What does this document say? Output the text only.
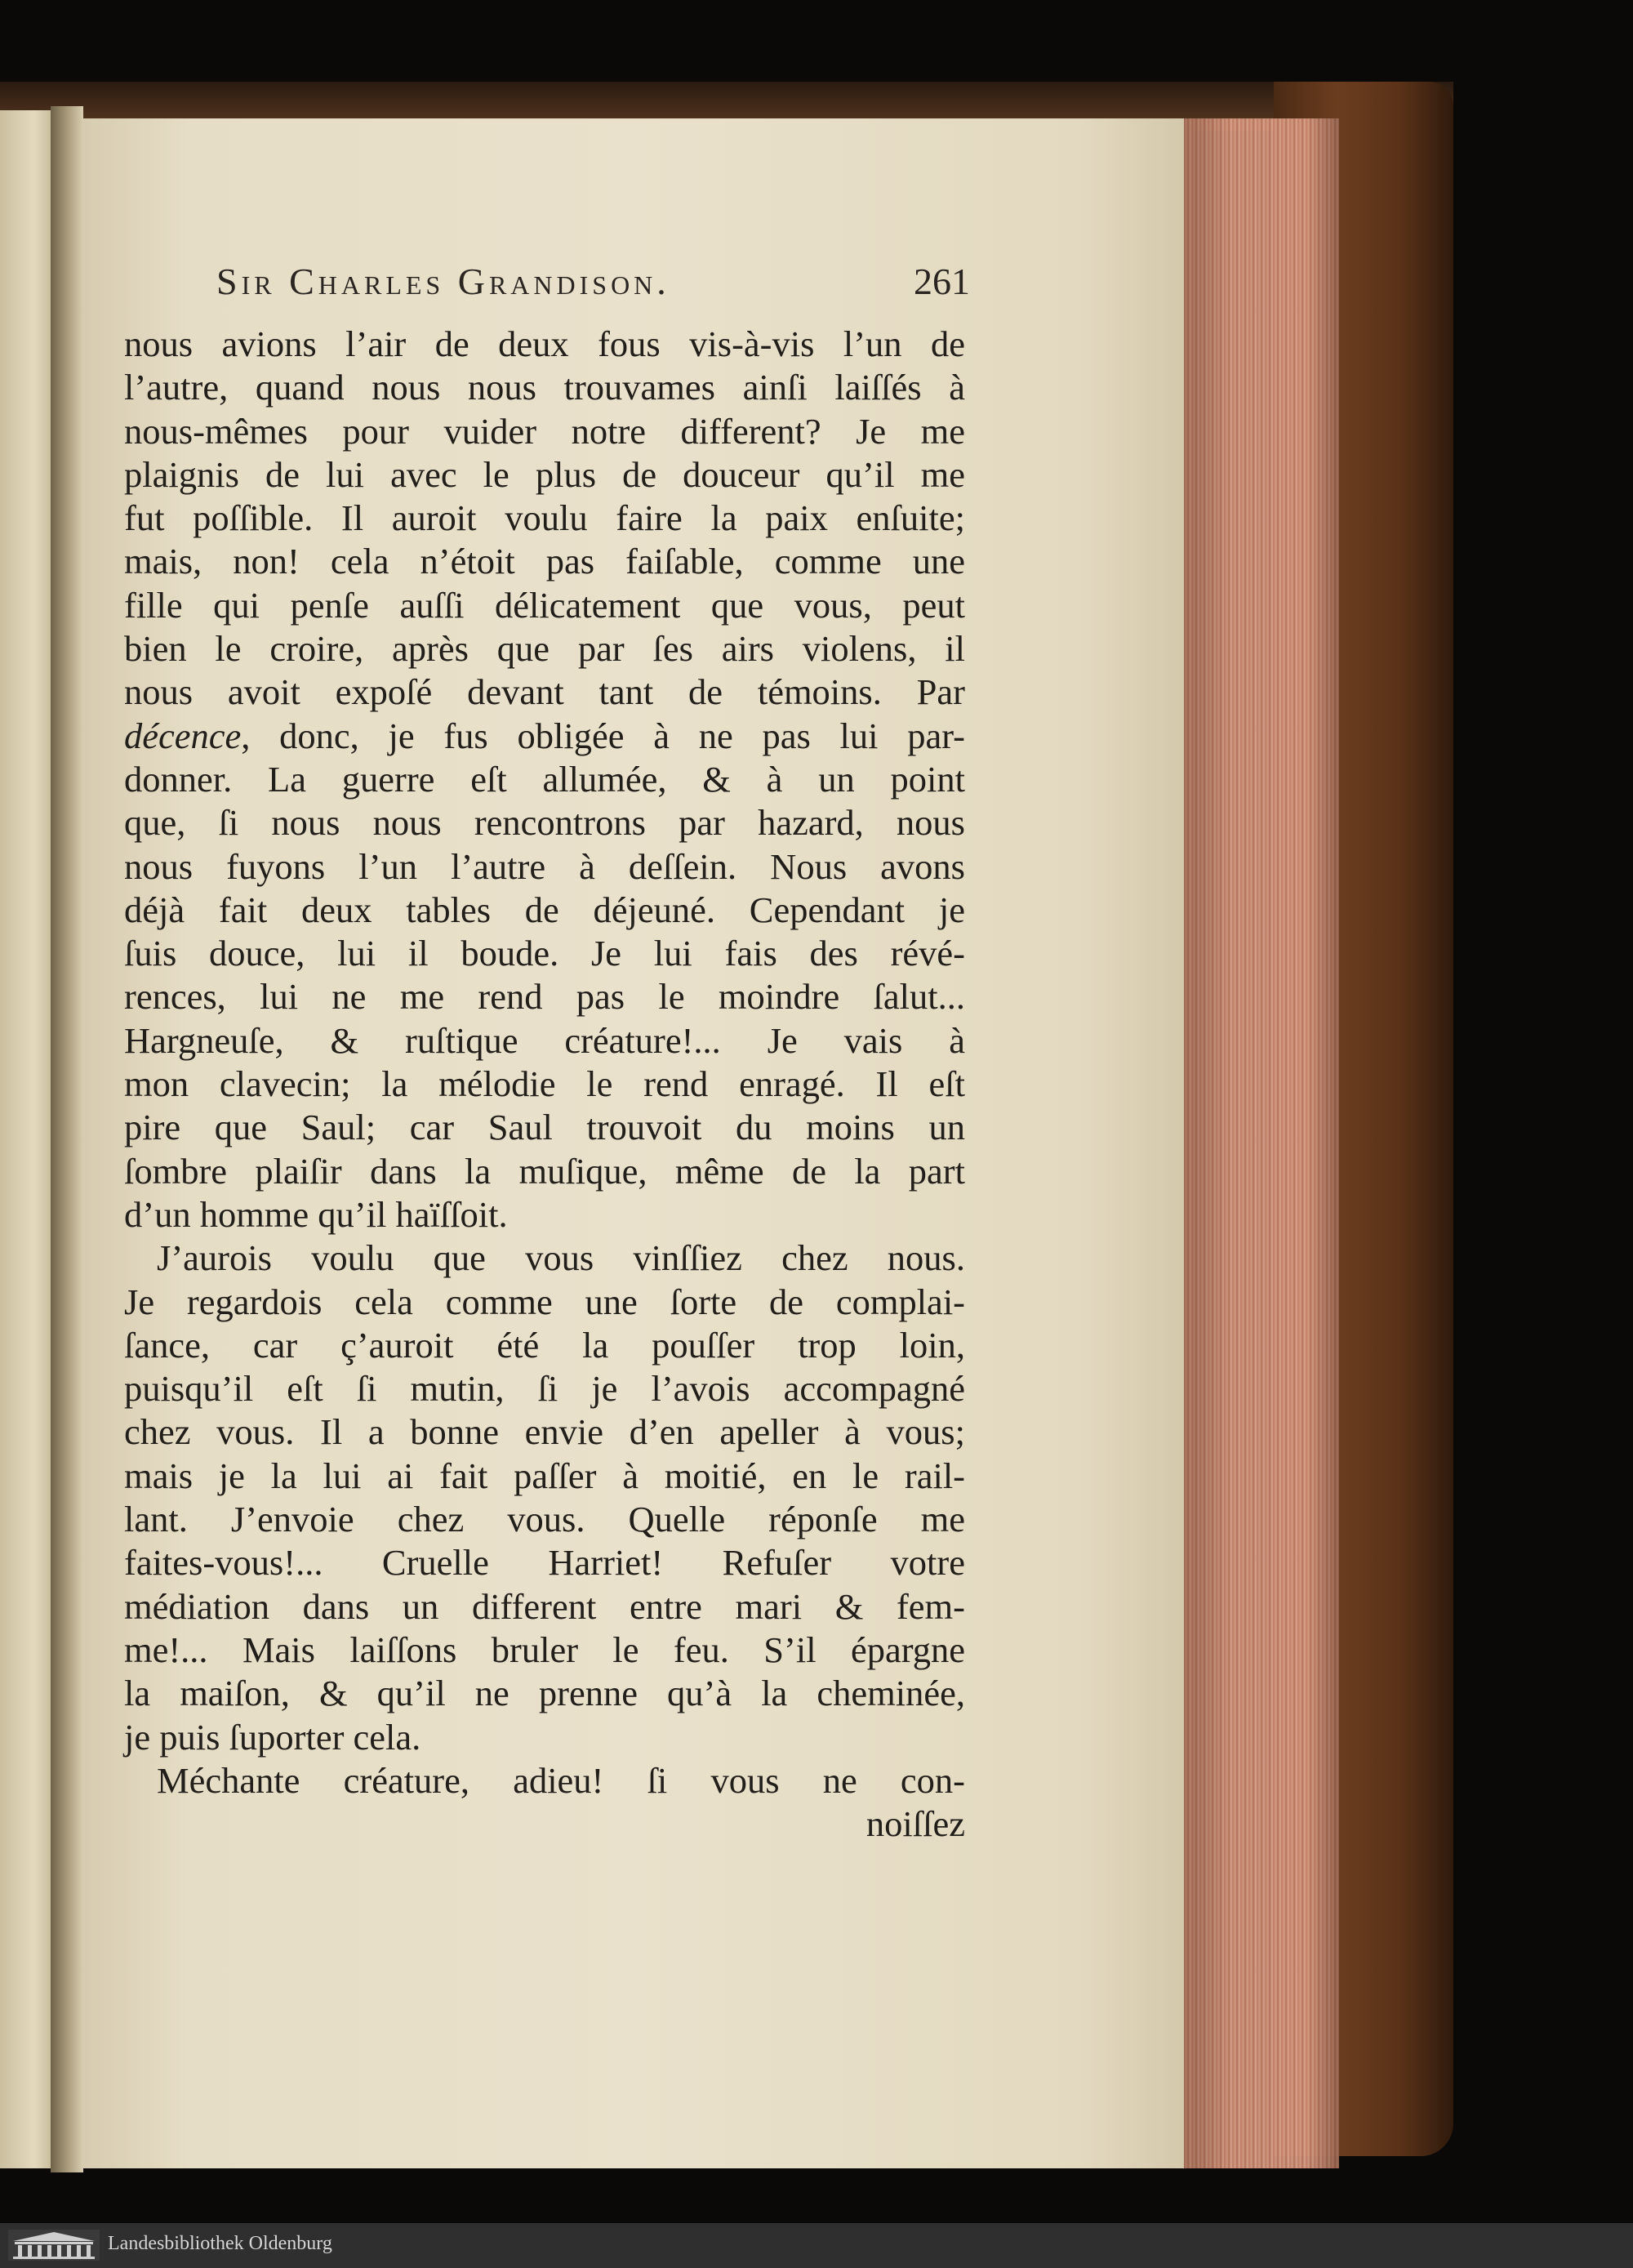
Sir Charles Grandison.	261
nous avions l’air de deux fous vis-à-vis l’un de
l’autre, quand nous nous trouvames ainſi laiſſés à
nous-mêmes pour vuider notre different? Je me
plaignis de lui avec le plus de douceur qu’il me
fut poſſible. Il auroit voulu faire la paix enſuite;
mais, non! cela n’étoit pas faiſable, comme une
fille qui penſe auſſi délicatement que vous, peut
bien le croire, après que par ſes airs violens, il
nous avoit expoſé devant tant de témoins. Par
décence, donc, je fus obligée à ne pas lui par-
donner. La guerre eſt allumée, & à un point
que, ſi nous nous rencontrons par hazard, nous
nous fuyons l’un l’autre à deſſein. Nous avons
déjà fait deux tables de déjeuné. Cependant je
ſuis douce, lui il boude. Je lui fais des révé-
rences, lui ne me rend pas le moindre ſalut...
Hargneuſe, & ruſtique créature!... Je vais à
mon clavecin; la mélodie le rend enragé. Il eſt
pire que Saul; car Saul trouvoit du moins un
ſombre plaiſir dans la muſique, même de la part
d’un homme qu’il haïſſoit.
J’aurois voulu que vous vinſſiez chez nous.
Je regardois cela comme une ſorte de complai-
ſance, car ç’auroit été la pouſſer trop loin,
puisqu’il eſt ſi mutin, ſi je l’avois accompagné
chez vous. Il a bonne envie d’en apeller à vous;
mais je la lui ai fait paſſer à moitié, en le rail-
lant. J’envoie chez vous. Quelle réponſe me
faites-vous!... Cruelle Harriet! Refuſer votre
médiation dans un different entre mari & fem-
me!... Mais laiſſons bruler le feu. S’il épargne
la maiſon, & qu’il ne prenne qu’à la cheminée,
je puis ſuporter cela.
Méchante créature, adieu! ſi vous ne con-
noiſſez
Landesbibliothek Oldenburg
